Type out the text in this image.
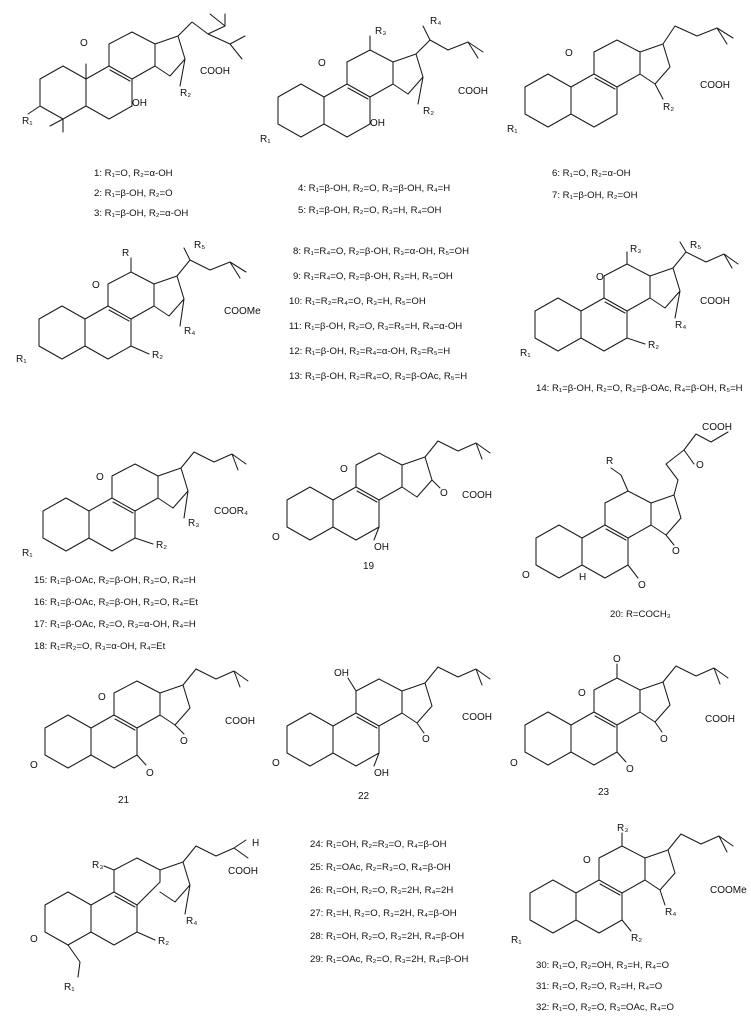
O
R₁
OH
R₂
COOH
1: R₁=O, R₂=α-OH
2: R₁=β-OH, R₂=O
3: R₁=β-OH, R₂=α-OH
O
R₃
R₄
R₁
OH
R₂
COOH
4: R₁=β-OH, R₂=O, R₃=β-OH, R₄=H
5: R₁=β-OH, R₂=O, R₃=H, R₄=OH
O
R₁
R₂
COOH
6: R₁=O, R₂=α-OH
7: R₁=β-OH, R₂=OH
O
R
R₅
R₁	R₂
R₄
COOMe
8: R₁=R₄=O, R₂=β-OH, R₃=α-OH, R₅=OH
9: R₁=R₄=O, R₂=β-OH, R₃=H, R₅=OH
10: R₁=R₂=R₄=O, R₃=H, R₅=OH
11: R₁=β-OH, R₂=O, R₃=R₅=H, R₄=α-OH
12: R₁=β-OH, R₂=R₄=α-OH, R₃=R₅=H
13: R₁=β-OH, R₂=R₄=O, R₃=β-OAc, R₅=H
O
R₃	R₅
R₁
R₂
R₄
COOH
14: R₁=β-OH, R₂=O, R₃=β-OAc, R₄=β-OH, R₅=H
O
R₁
R₂
R₃
COOR₄
15: R₁=β-OAc, R₂=β-OH, R₃=O, R₄=H
16: R₁=β-OAc, R₂=β-OH, R₃=O, R₄=Et
17: R₁=β-OAc, R₂=O, R₃=α-OH, R₄=H
18: R₁=R₂=O, R₃=α-OH, R₄=Et
O
O
OH
O COOH
19
R
O	H
O
O
O
COOH
20: R=COCH₃
O
O
O
O
COOH
21
OH
O
OH
O
COOH
22
O
O
O
O
O
COOH
23
R₃
O	R₂
R₄
R₁
H
COOH
24: R₁=OH, R₂=R₃=O, R₄=β-OH
25: R₁=OAc, R₂=R₃=O, R₄=β-OH
26: R₁=OH, R₂=O, R₃=2H, R₄=2H
27: R₁=H, R₂=O, R₃=2H, R₄=β-OH
28: R₁=OH, R₂=O, R₃=2H, R₄=β-OH
29: R₁=OAc, R₂=O, R₃=2H, R₄=β-OH
O
R₃
R₁	R₂
R₄
COOMe
30: R₁=O, R₂=OH, R₃=H, R₄=O
31: R₁=O, R₂=O, R₃=H, R₄=O
32: R₁=O, R₂=O, R₃=OAc, R₄=O
